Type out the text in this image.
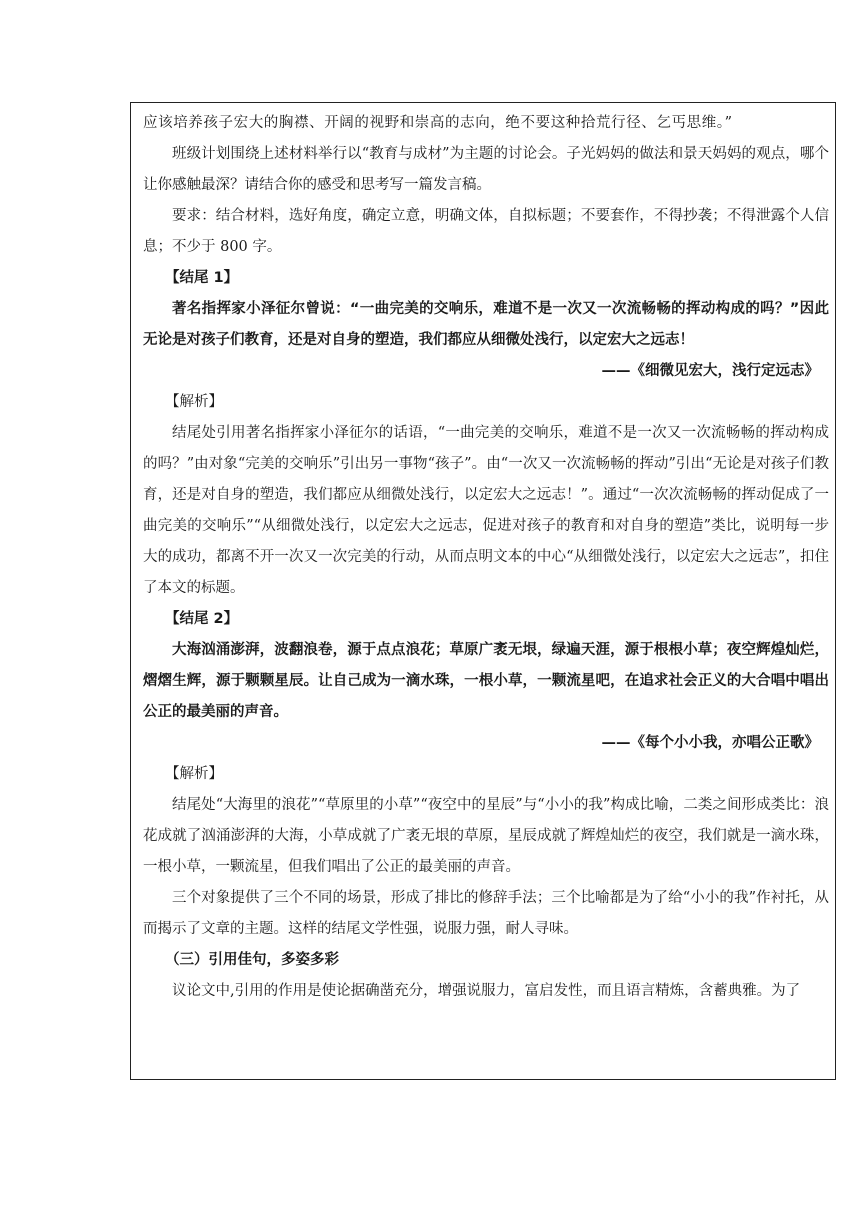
应该培养孩子宏大的胸襟、开阔的视野和崇高的志向，绝不要这种拾荒行径、乞丐思维。”

班级计划围绕上述材料举行以“教育与成材”为主题的讨论会。子光妈妈的做法和景天妈妈的观点，哪个让你感触最深？请结合你的感受和思考写一篇发言稿。

要求：结合材料，选好角度，确定立意，明确文体，自拟标题；不要套作，不得抄袭；不得泄露个人信息；不少于 800 字。

【结尾 1】

著名指挥家小泽征尔曾说：“一曲完美的交响乐，难道不是一次又一次流畅畅的挥动构成的吗？”因此无论是对孩子们教育，还是对自身的塑造，我们都应从细微处浅行，以定宏大之远志！

——《细微见宏大，浅行定远志》

【解析】

结尾处引用著名指挥家小泽征尔的话语，“一曲完美的交响乐，难道不是一次又一次流畅畅的挥动构成的吗？”由对象“完美的交响乐”引出另一事物“孩子”。由“一次又一次流畅畅的挥动”引出“无论是对孩子们教育，还是对自身的塑造，我们都应从细微处浅行，以定宏大之远志！”。通过“一次次流畅畅的挥动促成了一曲完美的交响乐”“从细微处浅行，以定宏大之远志，促进对孩子的教育和对自身的塑造”类比，说明每一步大的成功，都离不开一次又一次完美的行动，从而点明文本的中心“从细微处浅行，以定宏大之远志”，扣住了本文的标题。

【结尾 2】

大海汹涌澎湃，波翻浪卷，源于点点浪花；草原广袤无垠，绿遍天涯，源于根根小草；夜空辉煌灿烂，熠熠生辉，源于颗颗星辰。让自己成为一滴水珠，一根小草，一颗流星吧，在追求社会正义的大合唱中唱出公正的最美丽的声音。

——《每个小小我，亦唱公正歌》

【解析】

结尾处“大海里的浪花”“草原里的小草”“夜空中的星辰”与“小小的我”构成比喻，二类之间形成类比：浪花成就了汹涌澎湃的大海，小草成就了广袤无垠的草原，星辰成就了辉煌灿烂的夜空，我们就是一滴水珠，一根小草，一颗流星，但我们唱出了公正的最美丽的声音。

三个对象提供了三个不同的场景，形成了排比的修辞手法；三个比喻都是为了给“小小的我”作衬托，从而揭示了文章的主题。这样的结尾文学性强，说服力强，耐人寻味。

（三）引用佳句，多姿多彩

议论文中,引用的作用是使论据确凿充分，增强说服力，富启发性，而且语言精炼，含蓄典雅。为了
